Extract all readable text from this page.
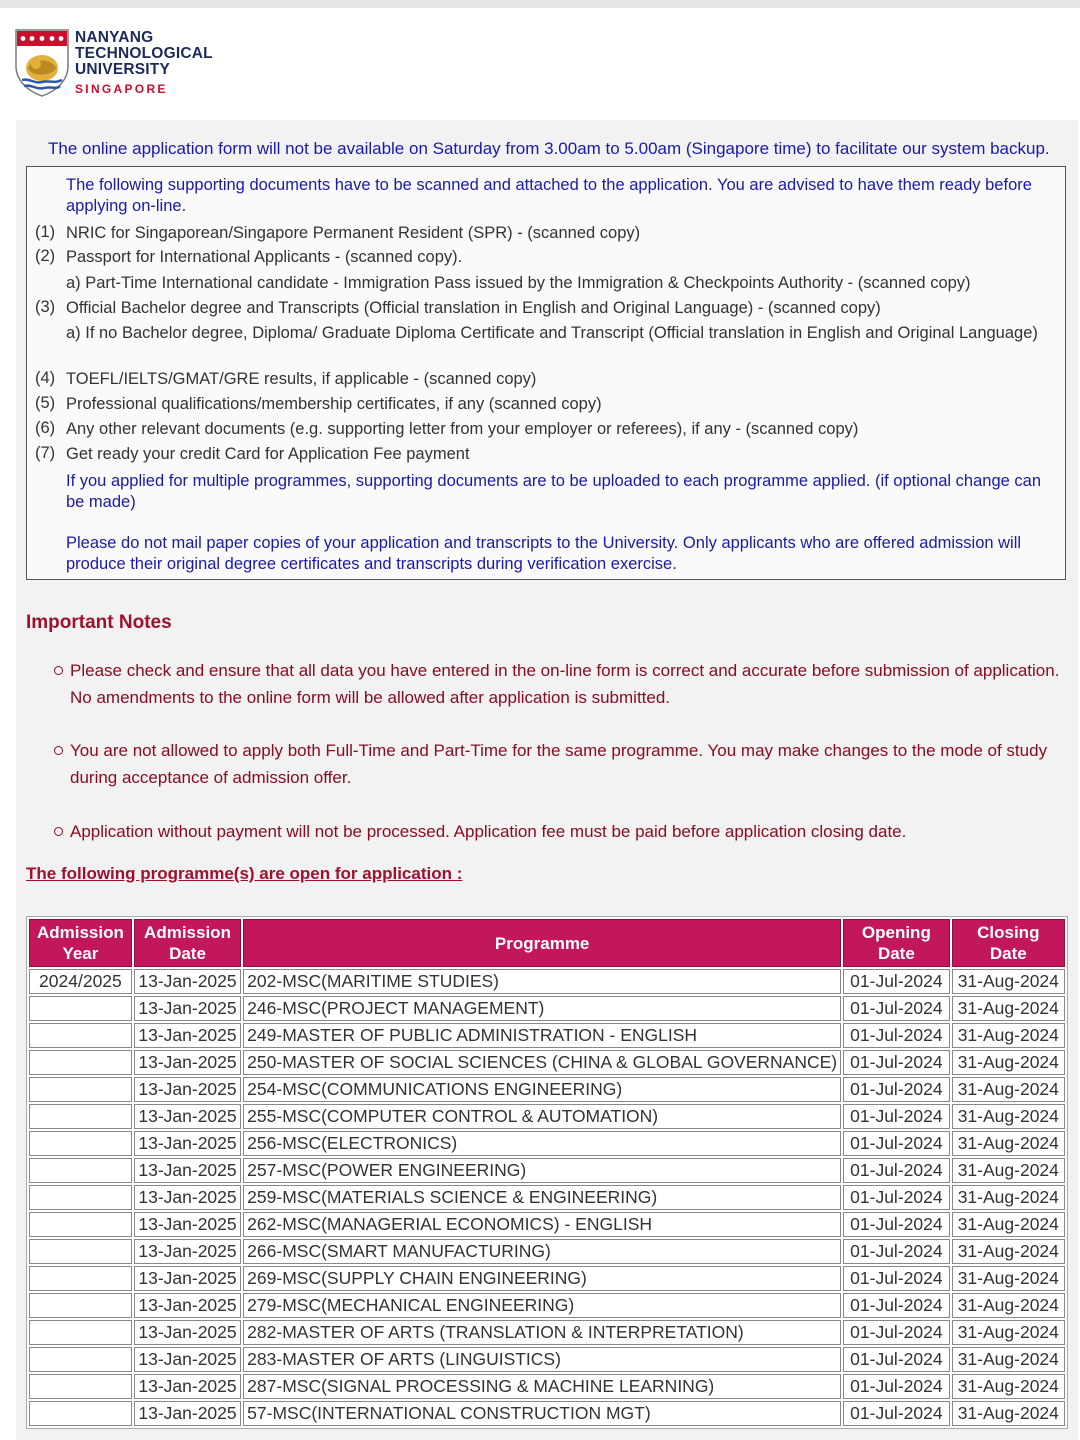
NANYANG
TECHNOLOGICAL
UNIVERSITY
SINGAPORE
The online application form will not be available on Saturday from 3.00am to 5.00am (Singapore time) to facilitate our system backup.
The following supporting documents have to be scanned and attached to the application. You are advised to have them ready before applying on-line.
(1) NRIC for Singaporean/Singapore Permanent Resident (SPR) - (scanned copy)
(2) Passport for International Applicants - (scanned copy).
a) Part-Time International candidate - Immigration Pass issued by the Immigration & Checkpoints Authority - (scanned copy)
(3) Official Bachelor degree and Transcripts (Official translation in English and Original Language) - (scanned copy)
a) If no Bachelor degree, Diploma/ Graduate Diploma Certificate and Transcript (Official translation in English and Original Language)
(4) TOEFL/IELTS/GMAT/GRE results, if applicable - (scanned copy)
(5) Professional qualifications/membership certificates, if any (scanned copy)
(6) Any other relevant documents (e.g. supporting letter from your employer or referees), if any - (scanned copy)
(7) Get ready your credit Card for Application Fee payment
If you applied for multiple programmes, supporting documents are to be uploaded to each programme applied. (if optional change can be made)
Please do not mail paper copies of your application and transcripts to the University. Only applicants who are offered admission will produce their original degree certificates and transcripts during verification exercise.
Important Notes
Please check and ensure that all data you have entered in the on-line form is correct and accurate before submission of application. No amendments to the online form will be allowed after application is submitted.
You are not allowed to apply both Full-Time and Part-Time for the same programme. You may make changes to the mode of study during acceptance of admission offer.
Application without payment will not be processed. Application fee must be paid before application closing date.
The following programme(s) are open for application :
Admission Year	Admission Date	Programme	Opening Date	Closing Date
2024/2025	13-Jan-2025	202-MSC(MARITIME STUDIES)	01-Jul-2024	31-Aug-2024
	13-Jan-2025	246-MSC(PROJECT MANAGEMENT)	01-Jul-2024	31-Aug-2024
	13-Jan-2025	249-MASTER OF PUBLIC ADMINISTRATION - ENGLISH	01-Jul-2024	31-Aug-2024
	13-Jan-2025	250-MASTER OF SOCIAL SCIENCES (CHINA & GLOBAL GOVERNANCE)	01-Jul-2024	31-Aug-2024
	13-Jan-2025	254-MSC(COMMUNICATIONS ENGINEERING)	01-Jul-2024	31-Aug-2024
	13-Jan-2025	255-MSC(COMPUTER CONTROL & AUTOMATION)	01-Jul-2024	31-Aug-2024
	13-Jan-2025	256-MSC(ELECTRONICS)	01-Jul-2024	31-Aug-2024
	13-Jan-2025	257-MSC(POWER ENGINEERING)	01-Jul-2024	31-Aug-2024
	13-Jan-2025	259-MSC(MATERIALS SCIENCE & ENGINEERING)	01-Jul-2024	31-Aug-2024
	13-Jan-2025	262-MSC(MANAGERIAL ECONOMICS) - ENGLISH	01-Jul-2024	31-Aug-2024
	13-Jan-2025	266-MSC(SMART MANUFACTURING)	01-Jul-2024	31-Aug-2024
	13-Jan-2025	269-MSC(SUPPLY CHAIN ENGINEERING)	01-Jul-2024	31-Aug-2024
	13-Jan-2025	279-MSC(MECHANICAL ENGINEERING)	01-Jul-2024	31-Aug-2024
	13-Jan-2025	282-MASTER OF ARTS (TRANSLATION & INTERPRETATION)	01-Jul-2024	31-Aug-2024
	13-Jan-2025	283-MASTER OF ARTS (LINGUISTICS)	01-Jul-2024	31-Aug-2024
	13-Jan-2025	287-MSC(SIGNAL PROCESSING & MACHINE LEARNING)	01-Jul-2024	31-Aug-2024
	13-Jan-2025	57-MSC(INTERNATIONAL CONSTRUCTION MGT)	01-Jul-2024	31-Aug-2024
